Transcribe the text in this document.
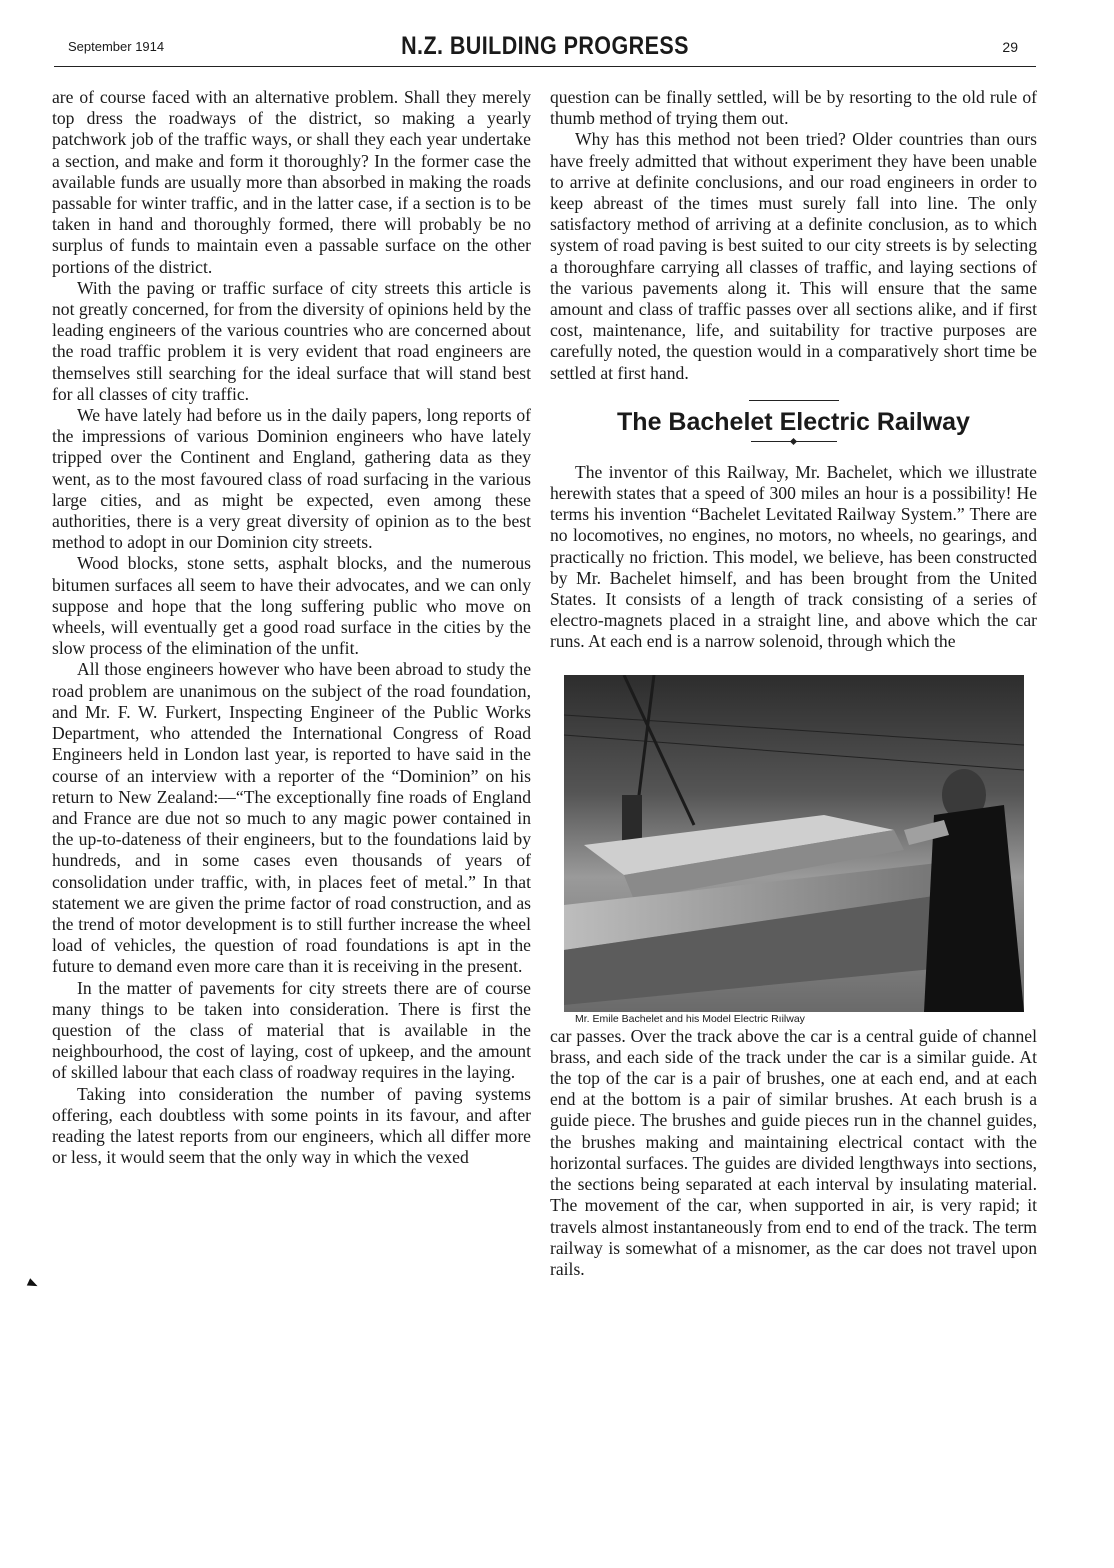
September 1914	N.Z. BUILDING PROGRESS	29

are of course faced with an alternative problem. Shall they merely top dress the roadways of the district, so making a yearly patchwork job of the traffic ways, or shall they each year undertake a section, and make and form it thoroughly? In the former case the available funds are usually more than absorbed in making the roads passable for winter traffic, and in the latter case, if a section is to be taken in hand and thoroughly formed, there will probably be no surplus of funds to maintain even a passable surface on the other portions of the district.

With the paving or traffic surface of city streets this article is not greatly concerned, for from the diversity of opinions held by the leading engineers of the various countries who are concerned about the road traffic problem it is very evident that road engineers are themselves still searching for the ideal surface that will stand best for all classes of city traffic.

We have lately had before us in the daily papers, long reports of the impressions of various Dominion engineers who have lately tripped over the Continent and England, gathering data as they went, as to the most favoured class of road surfacing in the various large cities, and as might be expected, even among these authorities, there is a very great diversity of opinion as to the best method to adopt in our Dominion city streets.

Wood blocks, stone setts, asphalt blocks, and the numerous bitumen surfaces all seem to have their advocates, and we can only suppose and hope that the long suffering public who move on wheels, will eventually get a good road surface in the cities by the slow process of the elimination of the unfit.

All those engineers however who have been abroad to study the road problem are unanimous on the subject of the road foundation, and Mr. F. W. Furkert, Inspecting Engineer of the Public Works Department, who attended the International Congress of Road Engineers held in London last year, is reported to have said in the course of an interview with a reporter of the “Dominion” on his return to New Zealand:—“The exceptionally fine roads of England and France are due not so much to any magic power contained in the up-to-dateness of their engineers, but to the foundations laid by hundreds, and in some cases even thousands of years of consolidation under traffic, with, in places feet of metal.” In that statement we are given the prime factor of road construction, and as the trend of motor development is to still further increase the wheel load of vehicles, the question of road foundations is apt in the future to demand even more care than it is receiving in the present.

In the matter of pavements for city streets there are of course many things to be taken into consideration. There is first the question of the class of material that is available in the neighbourhood, the cost of laying, cost of upkeep, and the amount of skilled labour that each class of roadway requires in the laying.

Taking into consideration the number of paving systems offering, each doubtless with some points in its favour, and after reading the latest reports from our engineers, which all differ more or less, it would seem that the only way in which the vexed

question can be finally settled, will be by resorting to the old rule of thumb method of trying them out.

Why has this method not been tried? Older countries than ours have freely admitted that without experiment they have been unable to arrive at definite conclusions, and our road engineers in order to keep abreast of the times must surely fall into line. The only satisfactory method of arriving at a definite conclusion, as to which system of road paving is best suited to our city streets is by selecting a thoroughfare carrying all classes of traffic, and laying sections of the various pavements along it. This will ensure that the same amount and class of traffic passes over all sections alike, and if first cost, maintenance, life, and suitability for tractive purposes are carefully noted, the question would in a comparatively short time be settled at first hand.

The Bachelet Electric Railway

The inventor of this Railway, Mr. Bachelet, which we illustrate herewith states that a speed of 300 miles an hour is a possibility! He terms his invention “Bachelet Levitated Railway System.” There are no locomotives, no engines, no motors, no wheels, no gearings, and practically no friction. This model, we believe, has been constructed by Mr. Bachelet himself, and has been brought from the United States. It consists of a length of track consisting of a series of electro-magnets placed in a straight line, and above which the car runs. At each end is a narrow solenoid, through which the

Mr. Emile Bachelet and his Model Electric Rıilway

car passes. Over the track above the car is a central guide of channel brass, and each side of the track under the car is a similar guide. At the top of the car is a pair of brushes, one at each end, and at each end at the bottom is a pair of similar brushes. At each brush is a guide piece. The brushes and guide pieces run in the channel guides, the brushes making and maintaining electrical contact with the horizontal surfaces. The guides are divided lengthways into sections, the sections being separated at each interval by insulating material. The movement of the car, when supported in air, is very rapid; it travels almost instantaneously from end to end of the track. The term railway is somewhat of a misnomer, as the car does not travel upon rails.
